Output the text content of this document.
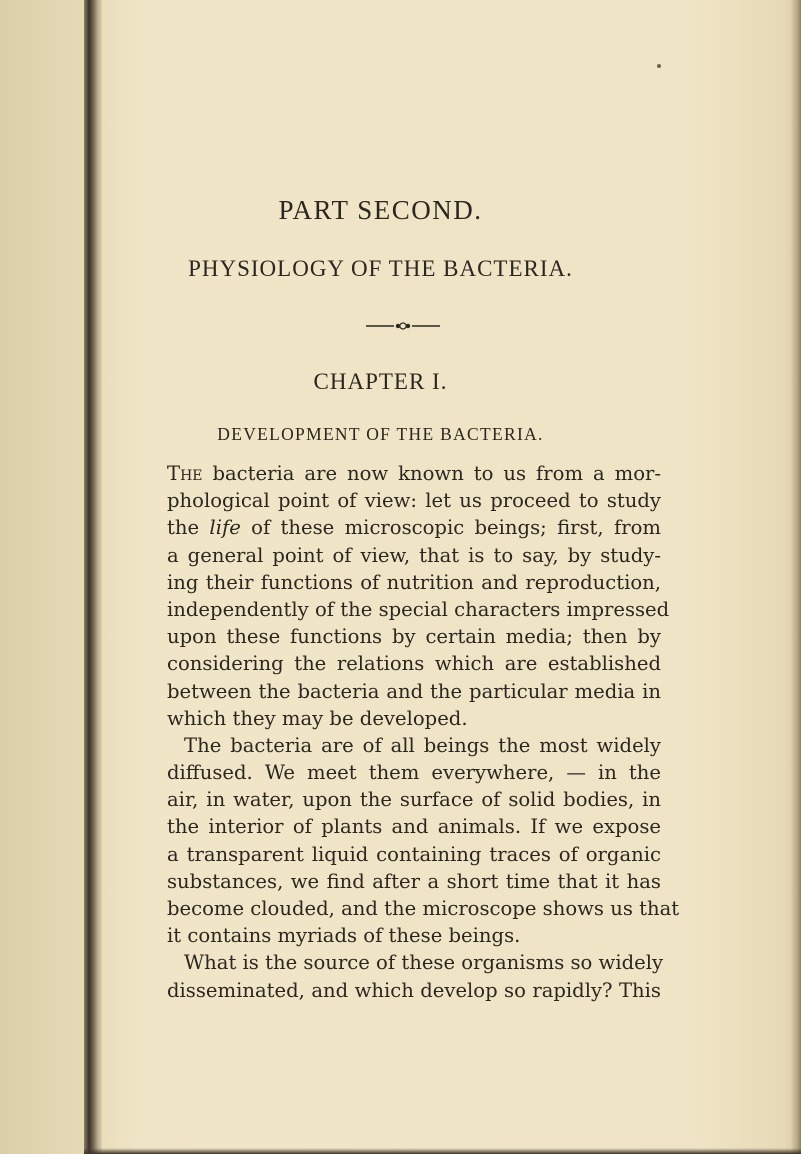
PART SECOND.
PHYSIOLOGY OF THE BACTERIA.
CHAPTER I.
DEVELOPMENT OF THE BACTERIA.
The bacteria are now known to us from a mor-
phological point of view: let us proceed to study
the life of these microscopic beings; first, from
a general point of view, that is to say, by study-
ing their functions of nutrition and reproduction,
independently of the special characters impressed
upon these functions by certain media; then by
considering the relations which are established
between the bacteria and the particular media in
which they may be developed.
The bacteria are of all beings the most widely
diffused. We meet them everywhere, — in the
air, in water, upon the surface of solid bodies, in
the interior of plants and animals. If we expose
a transparent liquid containing traces of organic
substances, we find after a short time that it has
become clouded, and the microscope shows us that
it contains myriads of these beings.
What is the source of these organisms so widely
disseminated, and which develop so rapidly? This
